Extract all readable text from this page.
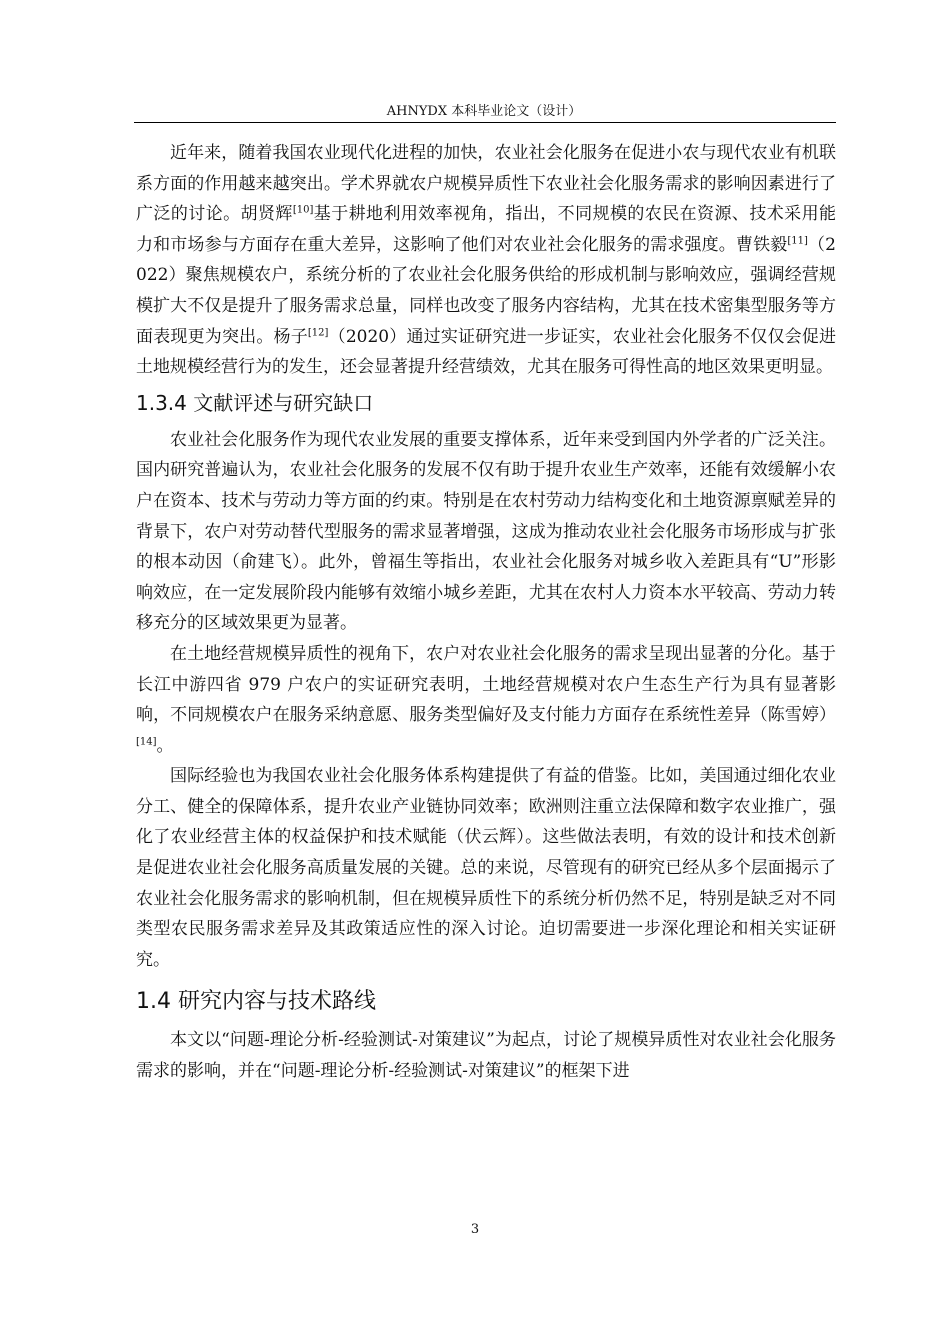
AHNYDX 本科毕业论文（设计）

近年来，随着我国农业现代化进程的加快，农业社会化服务在促进小农与现代农业有机联系方面的作用越来越突出。学术界就农户规模异质性下农业社会化服务需求的影响因素进行了广泛的讨论。胡贤辉[10]基于耕地利用效率视角，指出，不同规模的农民在资源、技术采用能力和市场参与方面存在重大差异，这影响了他们对农业社会化服务的需求强度。曹铁毅[11]（2022）聚焦规模农户，系统分析的了农业社会化服务供给的形成机制与影响效应，强调经营规模扩大不仅是提升了服务需求总量，同样也改变了服务内容结构，尤其在技术密集型服务等方面表现更为突出。杨子[12]（2020）通过实证研究进一步证实，农业社会化服务不仅仅会促进土地规模经营行为的发生，还会显著提升经营绩效，尤其在服务可得性高的地区效果更明显。

1.3.4 文献评述与研究缺口

农业社会化服务作为现代农业发展的重要支撑体系，近年来受到国内外学者的广泛关注。国内研究普遍认为，农业社会化服务的发展不仅有助于提升农业生产效率，还能有效缓解小农户在资本、技术与劳动力等方面的约束。特别是在农村劳动力结构变化和土地资源禀赋差异的背景下，农户对劳动替代型服务的需求显著增强，这成为推动农业社会化服务市场形成与扩张的根本动因（俞建飞）。此外，曾福生等指出，农业社会化服务对城乡收入差距具有“U”形影响效应，在一定发展阶段内能够有效缩小城乡差距，尤其在农村人力资本水平较高、劳动力转移充分的区域效果更为显著。

在土地经营规模异质性的视角下，农户对农业社会化服务的需求呈现出显著的分化。基于长江中游四省 979 户农户的实证研究表明，土地经营规模对农户生态生产行为具有显著影响，不同规模农户在服务采纳意愿、服务类型偏好及支付能力方面存在系统性差异（陈雪婷）[14]。

国际经验也为我国农业社会化服务体系构建提供了有益的借鉴。比如，美国通过细化农业分工、健全的保障体系，提升农业产业链协同效率；欧洲则注重立法保障和数字农业推广，强化了农业经营主体的权益保护和技术赋能（伏云辉）。这些做法表明，有效的设计和技术创新是促进农业社会化服务高质量发展的关键。总的来说，尽管现有的研究已经从多个层面揭示了农业社会化服务需求的影响机制，但在规模异质性下的系统分析仍然不足，特别是缺乏对不同类型农民服务需求差异及其政策适应性的深入讨论。迫切需要进一步深化理论和相关实证研究。

1.4 研究内容与技术路线

本文以“问题-理论分析-经验测试-对策建议”为起点，讨论了规模异质性对农业社会化服务需求的影响，并在“问题-理论分析-经验测试-对策建议”的框架下进

3
